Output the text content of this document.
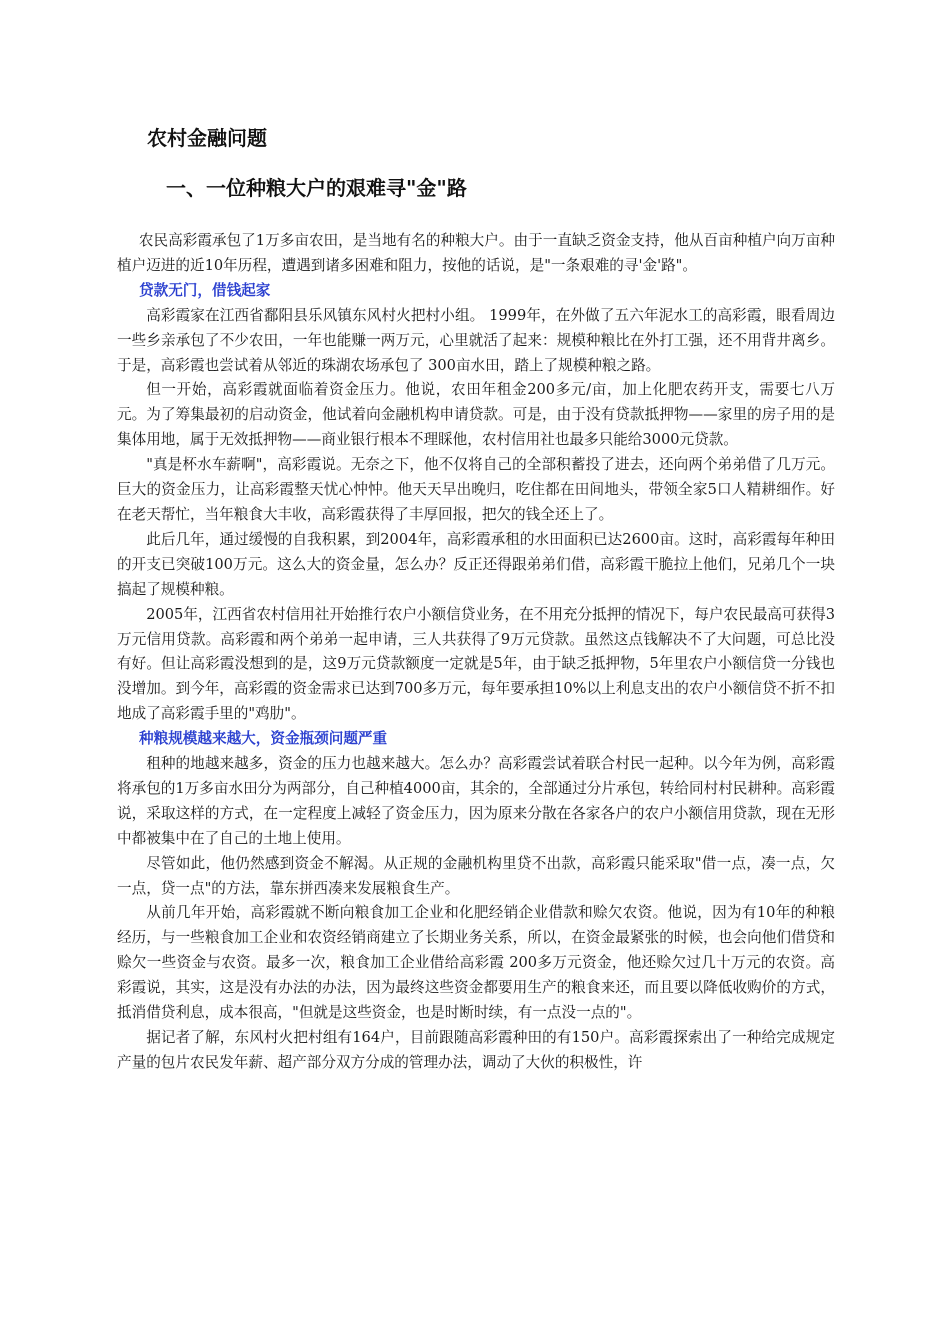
农村金融问题
一、一位种粮大户的艰难寻"金"路

农民高彩霞承包了1万多亩农田，是当地有名的种粮大户。由于一直缺乏资金支持，他从百亩种植户向万亩种植户迈进的近10年历程，遭遇到诸多困难和阻力，按他的话说，是"一条艰难的寻'金'路"。

贷款无门，借钱起家

高彩霞家在江西省鄱阳县乐风镇东风村火把村小组。 1999年，在外做了五六年泥水工的高彩霞，眼看周边一些乡亲承包了不少农田，一年也能赚一两万元，心里就活了起来：规模种粮比在外打工强，还不用背井离乡。于是，高彩霞也尝试着从邻近的珠湖农场承包了 300亩水田，踏上了规模种粮之路。

但一开始，高彩霞就面临着资金压力。他说，农田年租金200多元/亩，加上化肥农药开支，需要七八万元。为了筹集最初的启动资金，他试着向金融机构申请贷款。可是，由于没有贷款抵押物——家里的房子用的是集体用地，属于无效抵押物——商业银行根本不理睬他，农村信用社也最多只能给3000元贷款。

"真是杯水车薪啊"，高彩霞说。无奈之下，他不仅将自己的全部积蓄投了进去，还向两个弟弟借了几万元。巨大的资金压力，让高彩霞整天忧心忡忡。他天天早出晚归，吃住都在田间地头，带领全家5口人精耕细作。好在老天帮忙，当年粮食大丰收，高彩霞获得了丰厚回报，把欠的钱全还上了。

此后几年，通过缓慢的自我积累，到2004年，高彩霞承租的水田面积已达2600亩。这时，高彩霞每年种田的开支已突破100万元。这么大的资金量，怎么办？反正还得跟弟弟们借，高彩霞干脆拉上他们，兄弟几个一块搞起了规模种粮。

2005年，江西省农村信用社开始推行农户小额信贷业务，在不用充分抵押的情况下，每户农民最高可获得3万元信用贷款。高彩霞和两个弟弟一起申请，三人共获得了9万元贷款。虽然这点钱解决不了大问题，可总比没有好。但让高彩霞没想到的是，这9万元贷款额度一定就是5年，由于缺乏抵押物，5年里农户小额信贷一分钱也没增加。到今年，高彩霞的资金需求已达到700多万元，每年要承担10%以上利息支出的农户小额信贷不折不扣地成了高彩霞手里的"鸡肋"。

种粮规模越来越大，资金瓶颈问题严重

租种的地越来越多，资金的压力也越来越大。怎么办？高彩霞尝试着联合村民一起种。以今年为例，高彩霞将承包的1万多亩水田分为两部分，自己种植4000亩，其余的，全部通过分片承包，转给同村村民耕种。高彩霞说，采取这样的方式，在一定程度上减轻了资金压力，因为原来分散在各家各户的农户小额信用贷款，现在无形中都被集中在了自己的土地上使用。

尽管如此，他仍然感到资金不解渴。从正规的金融机构里贷不出款，高彩霞只能采取"借一点，凑一点，欠一点，贷一点"的方法，靠东拼西凑来发展粮食生产。

从前几年开始，高彩霞就不断向粮食加工企业和化肥经销企业借款和赊欠农资。他说，因为有10年的种粮经历，与一些粮食加工企业和农资经销商建立了长期业务关系，所以，在资金最紧张的时候，也会向他们借贷和赊欠一些资金与农资。最多一次，粮食加工企业借给高彩霞 200多万元资金，他还赊欠过几十万元的农资。高彩霞说，其实，这是没有办法的办法，因为最终这些资金都要用生产的粮食来还，而且要以降低收购价的方式，抵消借贷利息，成本很高，"但就是这些资金，也是时断时续，有一点没一点的"。

据记者了解，东风村火把村组有164户，目前跟随高彩霞种田的有150户。高彩霞探索出了一种给完成规定产量的包片农民发年薪、超产部分双方分成的管理办法，调动了大伙的积极性，许
